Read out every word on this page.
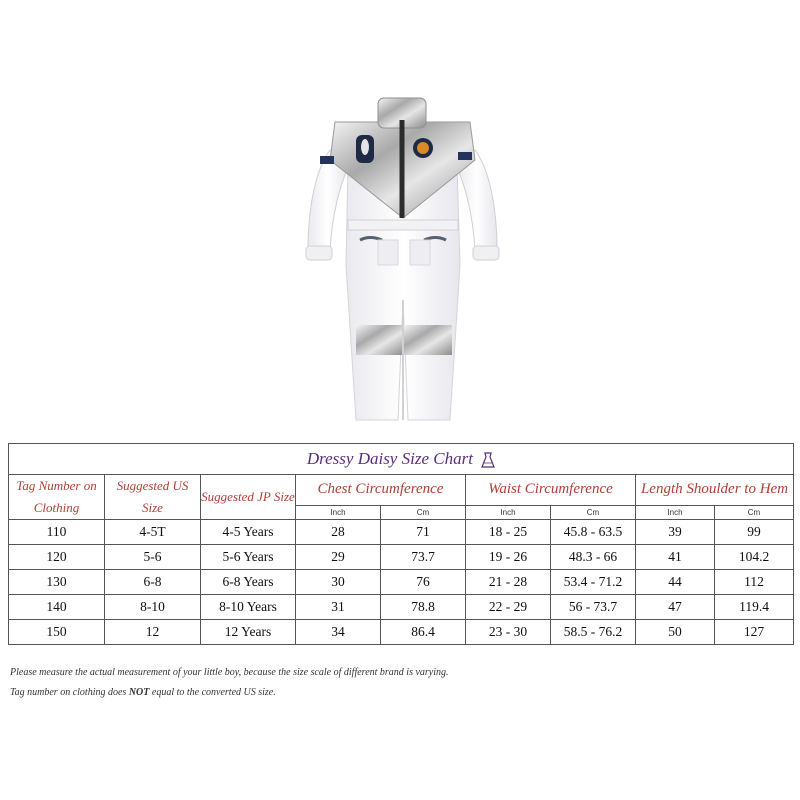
Dressy Daisy Size Chart								
Tag Number on Clothing	Suggested US Size	Suggested JP Size	Chest Circumference		Waist Circumference		Length Shoulder to Hem	
			Inch	Cm	Inch	Cm	Inch	Cm
110	4-5T	4-5 Years	28	71	18 - 25	45.8 - 63.5	39	99
120	5-6	5-6 Years	29	73.7	19 - 26	48.3 - 66	41	104.2
130	6-8	6-8 Years	30	76	21 - 28	53.4 - 71.2	44	112
140	8-10	8-10 Years	31	78.8	22 - 29	56 - 73.7	47	119.4
150	12	12 Years	34	86.4	23 - 30	58.5 - 76.2	50	127
Please measure the actual measurement of your little boy, because the size scale of different brand is varying.
Tag number on clothing does NOT equal to the converted US size.
